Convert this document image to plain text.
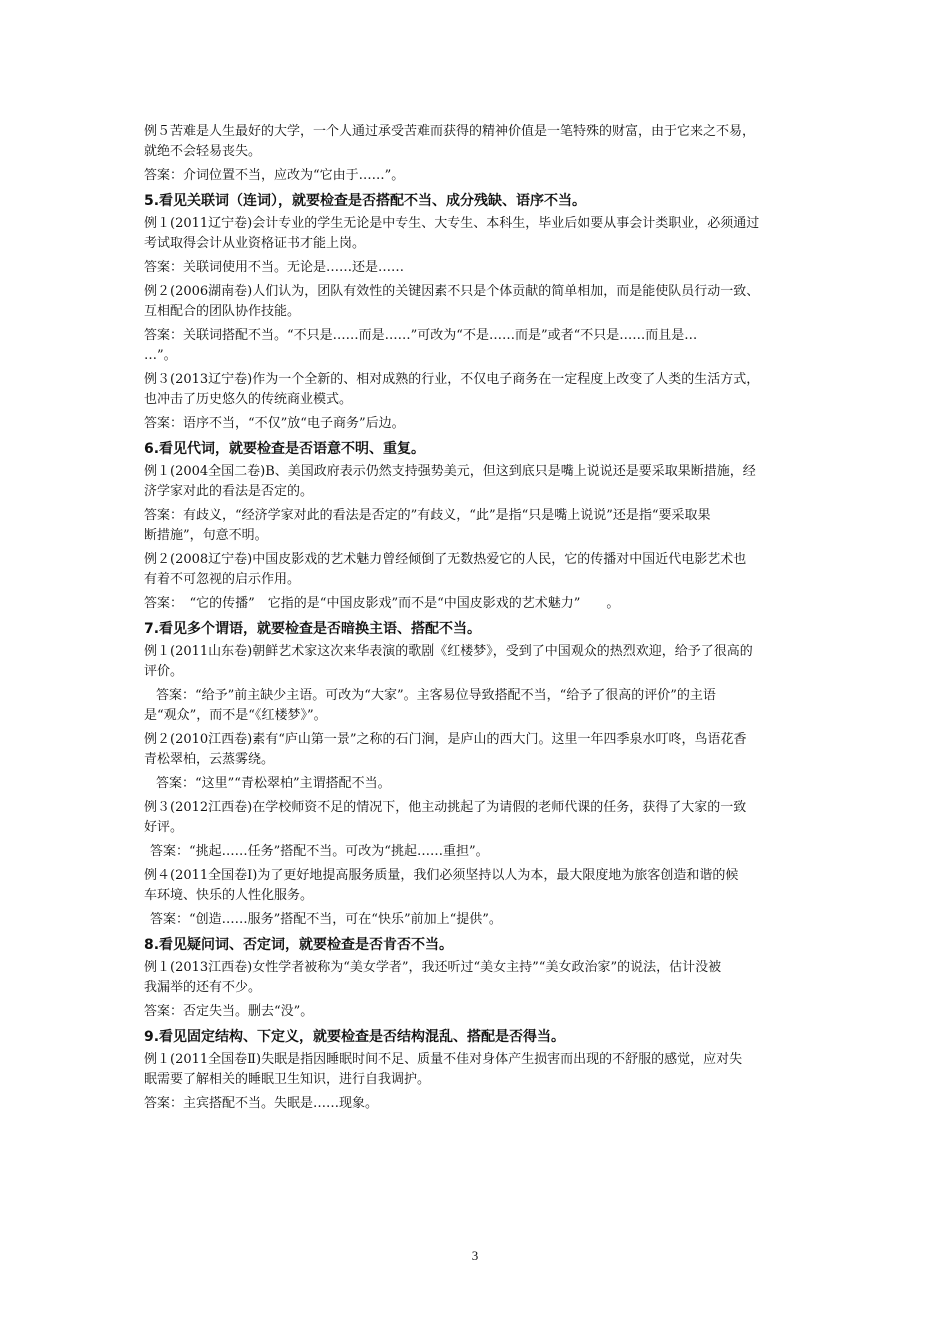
例５苦难是人生最好的大学，一个人通过承受苦难而获得的精神价值是一笔特殊的财富，由于它来之不易，

就绝不会轻易丧失。

答案：介词位置不当，应改为“它由于……”。

5.看见关联词（连词），就要检查是否搭配不当、成分残缺、语序不当。

例１(2011辽宁卷)会计专业的学生无论是中专生、大专生、本科生，毕业后如要从事会计类职业，必须通过

考试取得会计从业资格证书才能上岗。

答案：关联词使用不当。无论是……还是……

例２(2006湖南卷)人们认为，团队有效性的关键因素不只是个体贡献的简单相加，而是能使队员行动一致、

互相配合的团队协作技能。

答案：关联词搭配不当。“不只是……而是……”可改为“不是……而是”或者“不只是……而且是…

…”。

例３(2013辽宁卷)作为一个全新的、相对成熟的行业，不仅电子商务在一定程度上改变了人类的生活方式，

也冲击了历史悠久的传统商业模式。

答案：语序不当，“不仅”放“电子商务”后边。

6.看见代词，就要检查是否语意不明、重复。

例１(2004全国二卷)B、美国政府表示仍然支持强势美元，但这到底只是嘴上说说还是要采取果断措施，经

济学家对此的看法是否定的。

答案：有歧义，“经济学家对此的看法是否定的”有歧义，“此”是指“只是嘴上说说”还是指“要采取果

断措施”，句意不明。

例２(2008辽宁卷)中国皮影戏的艺术魅力曾经倾倒了无数热爱它的人民，它的传播对中国近代电影艺术也

有着不可忽视的启示作用。

答案：　“它的传播”　它指的是“中国皮影戏”而不是“中国皮影戏的艺术魅力”　　。

7.看见多个谓语，就要检查是否暗换主语、搭配不当。

例１(2011山东卷)朝鲜艺术家这次来华表演的歌剧《红楼梦》，受到了中国观众的热烈欢迎，给予了很高的

评价。

答案：“给予”前主缺少主语。可改为“大家”。主客易位导致搭配不当，“给予了很高的评价”的主语

是“观众”，而不是“《红楼梦》”。

例２(2010江西卷)素有“庐山第一景”之称的石门涧，是庐山的西大门。这里一年四季泉水叮咚，鸟语花香

青松翠柏，云蒸雾绕。

答案：“这里”“青松翠柏”主谓搭配不当。

例３(2012江西卷)在学校师资不足的情况下，他主动挑起了为请假的老师代课的任务，获得了大家的一致

好评。

答案：“挑起……任务”搭配不当。可改为“挑起……重担”。

例４(2011全国卷Ⅰ)为了更好地提高服务质量，我们必须坚持以人为本，最大限度地为旅客创造和谐的候

车环境、快乐的人性化服务。

答案：“创造……服务”搭配不当，可在“快乐”前加上“提供”。

8.看见疑问词、否定词，就要检查是否肯否不当。

例１(2013江西卷)女性学者被称为“美女学者”，我还听过“美女主持”“美女政治家”的说法，估计没被

我漏举的还有不少。

答案：否定失当。删去“没”。

9.看见固定结构、下定义，就要检查是否结构混乱、搭配是否得当。

例１(2011全国卷Ⅱ)失眠是指因睡眠时间不足、质量不佳对身体产生损害而出现的不舒服的感觉，应对失

眠需要了解相关的睡眠卫生知识，进行自我调护。

答案：主宾搭配不当。失眠是……现象。

3
